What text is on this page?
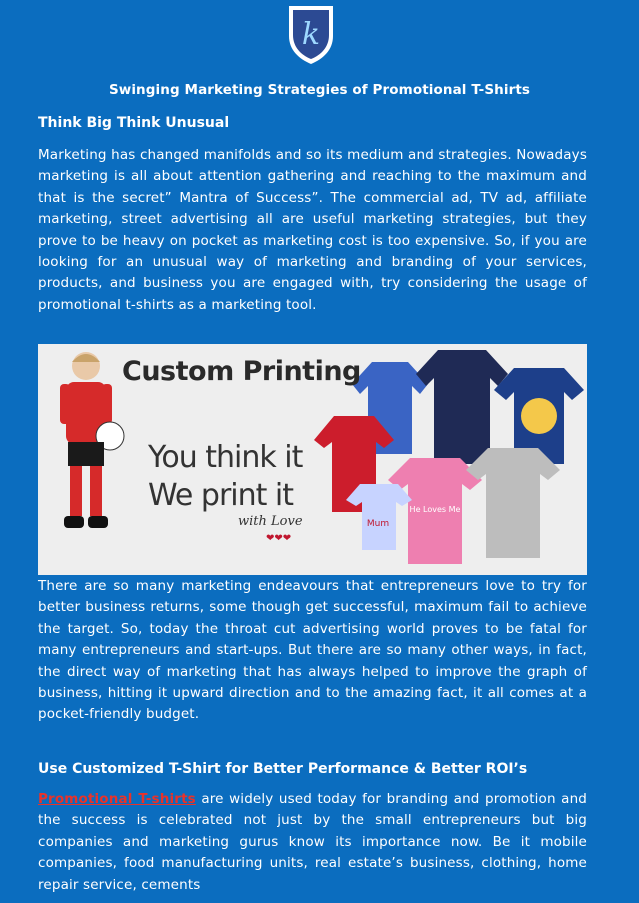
k
Swinging Marketing Strategies of Promotional T-Shirts
Think Big Think Unusual
Marketing has changed manifolds and so its medium and strategies. Nowadays marketing is all about attention gathering and reaching to the maximum and that is the secret” Mantra of Success”. The commercial ad, TV ad, affiliate marketing, street advertising all are useful marketing strategies, but they prove to be heavy on pocket as marketing cost is too expensive. So, if you are looking for an unusual way of marketing and branding of your services, products, and business you are engaged with, try considering the usage of promotional t-shirts as a marketing tool.
Mum
He Loves Me
Custom Printing
You think it
We print it
with Love
❤❤❤
There are so many marketing endeavours that entrepreneurs love to try for better business returns, some though get successful, maximum fail to achieve the target. So, today the throat cut advertising world proves to be fatal for many entrepreneurs and start-ups. But there are so many other ways, in fact, the direct way of marketing that has always helped to improve the graph of business, hitting it upward direction and to the amazing fact, it all comes at a pocket-friendly budget.
Use Customized T-Shirt for Better Performance & Better ROI’s
Promotional T-shirts are widely used today for branding and promotion and the success is celebrated not just by the small entrepreneurs but big companies and marketing gurus know its importance now. Be it mobile companies, food manufacturing units, real estate’s business, clothing, home repair service, cements
